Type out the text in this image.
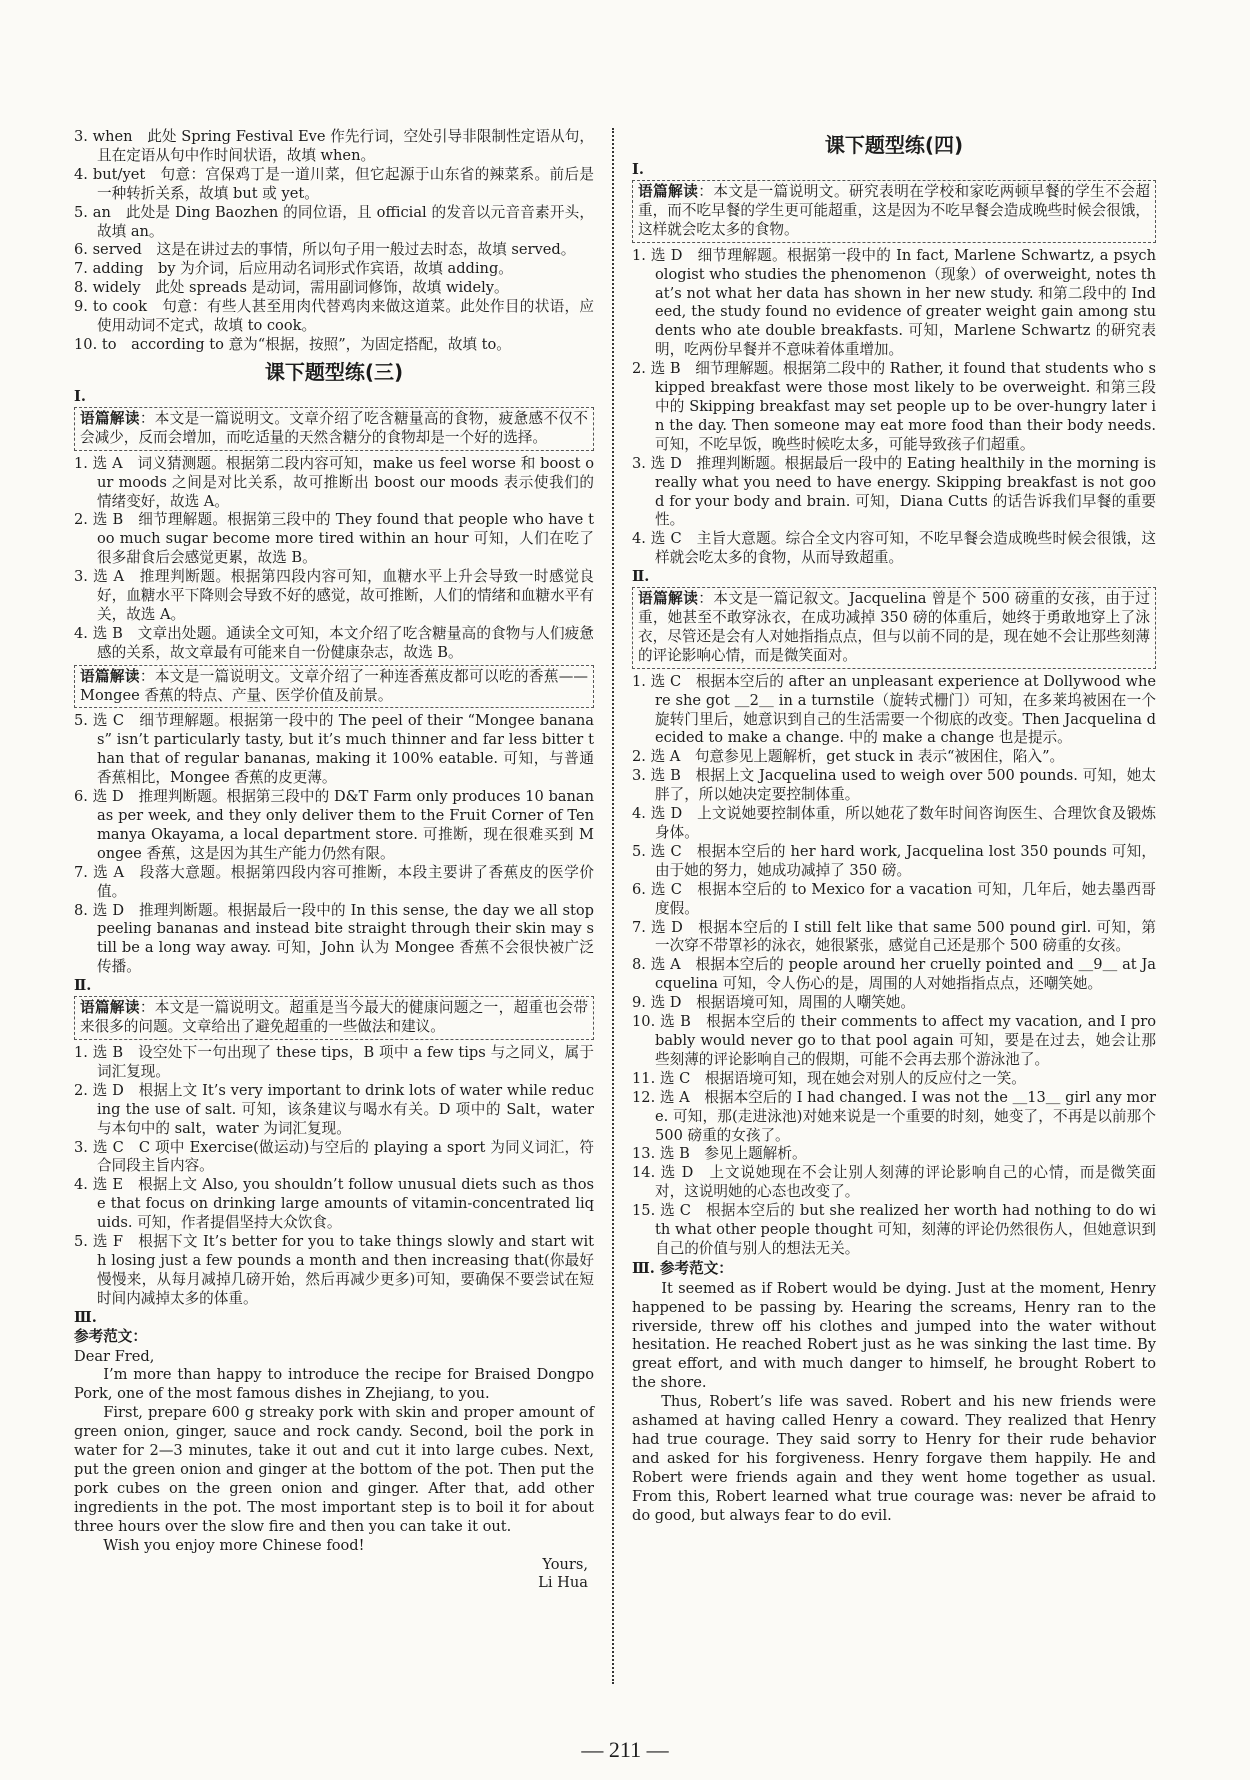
3. when　此处 Spring Festival Eve 作先行词，空处引导非限制性定语从句，且在定语从句中作时间状语，故填 when。

4. but/yet　句意：宫保鸡丁是一道川菜，但它起源于山东省的辣菜系。前后是一种转折关系，故填 but 或 yet。

5. an　此处是 Ding Baozhen 的同位语，且 official 的发音以元音音素开头，故填 an。

6. served　这是在讲过去的事情，所以句子用一般过去时态，故填 served。

7. adding　by 为介词，后应用动名词形式作宾语，故填 adding。

8. widely　此处 spreads 是动词，需用副词修饰，故填 widely。

9. to cook　句意：有些人甚至用肉代替鸡肉来做这道菜。此处作目的状语，应使用动词不定式，故填 to cook。

10. to　according to 意为“根据，按照”，为固定搭配，故填 to。

课下题型练(三)
Ⅰ.
语篇解读：本文是一篇说明文。文章介绍了吃含糖量高的食物，疲惫感不仅不会减少，反而会增加，而吃适量的天然含糖分的食物却是一个好的选择。

1. 选 A　词义猜测题。根据第二段内容可知，make us feel worse 和 boost our moods 之间是对比关系，故可推断出 boost our moods 表示使我们的情绪变好，故选 A。

2. 选 B　细节理解题。根据第三段中的 They found that people who have too much sugar become more tired within an hour 可知，人们在吃了很多甜食后会感觉更累，故选 B。

3. 选 A　推理判断题。根据第四段内容可知，血糖水平上升会导致一时感觉良好，血糖水平下降则会导致不好的感觉，故可推断，人们的情绪和血糖水平有关，故选 A。

4. 选 B　文章出处题。通读全文可知，本文介绍了吃含糖量高的食物与人们疲惫感的关系，故文章最有可能来自一份健康杂志，故选 B。

语篇解读：本文是一篇说明文。文章介绍了一种连香蕉皮都可以吃的香蕉——Mongee 香蕉的特点、产量、医学价值及前景。

5. 选 C　细节理解题。根据第一段中的 The peel of their “Mongee bananas” isn’t particularly tasty, but it’s much thinner and far less bitter than that of regular bananas, making it 100% eatable. 可知，与普通香蕉相比，Mongee 香蕉的皮更薄。

6. 选 D　推理判断题。根据第三段中的 D&T Farm only produces 10 bananas per week, and they only deliver them to the Fruit Corner of Tenmanya Okayama, a local department store. 可推断，现在很难买到 Mongee 香蕉，这是因为其生产能力仍然有限。

7. 选 A　段落大意题。根据第四段内容可推断，本段主要讲了香蕉皮的医学价值。

8. 选 D　推理判断题。根据最后一段中的 In this sense, the day we all stop peeling bananas and instead bite straight through their skin may still be a long way away. 可知，John 认为 Mongee 香蕉不会很快被广泛传播。

Ⅱ.
语篇解读：本文是一篇说明文。超重是当今最大的健康问题之一，超重也会带来很多的问题。文章给出了避免超重的一些做法和建议。

1. 选 B　设空处下一句出现了 these tips，B 项中 a few tips 与之同义，属于词汇复现。

2. 选 D　根据上文 It’s very important to drink lots of water while reducing the use of salt. 可知，该条建议与喝水有关。D 项中的 Salt，water 与本句中的 salt，water 为词汇复现。

3. 选 C　C 项中 Exercise(做运动)与空后的 playing a sport 为同义词汇，符合同段主旨内容。

4. 选 E　根据上文 Also, you shouldn’t follow unusual diets such as those that focus on drinking large amounts of vitamin-concentrated liquids. 可知，作者提倡坚持大众饮食。

5. 选 F　根据下文 It’s better for you to take things slowly and start with losing just a few pounds a month and then increasing that(你最好慢慢来，从每月减掉几磅开始，然后再减少更多)可知，要确保不要尝试在短时间内减掉太多的体重。

Ⅲ.
参考范文：

Dear Fred,

I’m more than happy to introduce the recipe for Braised Dongpo Pork, one of the most famous dishes in Zhejiang, to you.

First, prepare 600 g streaky pork with skin and proper amount of green onion, ginger, sauce and rock candy. Second, boil the pork in water for 2—3 minutes, take it out and cut it into large cubes. Next, put the green onion and ginger at the bottom of the pot. Then put the pork cubes on the green onion and ginger. After that, add other ingredients in the pot. The most important step is to boil it for about three hours over the slow fire and then you can take it out.

Wish you enjoy more Chinese food!

Yours,

Li Hua

课下题型练(四)
Ⅰ.
语篇解读：本文是一篇说明文。研究表明在学校和家吃两顿早餐的学生不会超重，而不吃早餐的学生更可能超重，这是因为不吃早餐会造成晚些时候会很饿，这样就会吃太多的食物。

1. 选 D　细节理解题。根据第一段中的 In fact, Marlene Schwartz, a psychologist who studies the phenomenon（现象）of overweight, notes that’s not what her data has shown in her new study. 和第二段中的 Indeed, the study found no evidence of greater weight gain among students who ate double breakfasts. 可知，Marlene Schwartz 的研究表明，吃两份早餐并不意味着体重增加。

2. 选 B　细节理解题。根据第二段中的 Rather, it found that students who skipped breakfast were those most likely to be overweight. 和第三段中的 Skipping breakfast may set people up to be over-hungry later in the day. Then someone may eat more food than their body needs. 可知，不吃早饭，晚些时候吃太多，可能导致孩子们超重。

3. 选 D　推理判断题。根据最后一段中的 Eating healthily in the morning is really what you need to have energy. Skipping breakfast is not good for your body and brain. 可知，Diana Cutts 的话告诉我们早餐的重要性。

4. 选 C　主旨大意题。综合全文内容可知，不吃早餐会造成晚些时候会很饿，这样就会吃太多的食物，从而导致超重。

Ⅱ.
语篇解读：本文是一篇记叙文。Jacquelina 曾是个 500 磅重的女孩，由于过重，她甚至不敢穿泳衣，在成功减掉 350 磅的体重后，她终于勇敢地穿上了泳衣，尽管还是会有人对她指指点点，但与以前不同的是，现在她不会让那些刻薄的评论影响心情，而是微笑面对。

1. 选 C　根据本空后的 after an unpleasant experience at Dollywood where she got ＿2＿ in a turnstile（旋转式栅门）可知，在多莱坞被困在一个旋转门里后，她意识到自己的生活需要一个彻底的改变。Then Jacquelina decided to make a change. 中的 make a change 也是提示。

2. 选 A　句意参见上题解析，get stuck in 表示“被困住，陷入”。

3. 选 B　根据上文 Jacquelina used to weigh over 500 pounds. 可知，她太胖了，所以她决定要控制体重。

4. 选 D　上文说她要控制体重，所以她花了数年时间咨询医生、合理饮食及锻炼身体。

5. 选 C　根据本空后的 her hard work, Jacquelina lost 350 pounds 可知，由于她的努力，她成功减掉了 350 磅。

6. 选 C　根据本空后的 to Mexico for a vacation 可知，几年后，她去墨西哥度假。

7. 选 D　根据本空后的 I still felt like that same 500 pound girl. 可知，第一次穿不带罩衫的泳衣，她很紧张，感觉自己还是那个 500 磅重的女孩。

8. 选 A　根据本空后的 people around her cruelly pointed and ＿9＿ at Jacquelina 可知，令人伤心的是，周围的人对她指指点点，还嘲笑她。

9. 选 D　根据语境可知，周围的人嘲笑她。

10. 选 B　根据本空后的 their comments to affect my vacation, and I probably would never go to that pool again 可知，要是在过去，她会让那些刻薄的评论影响自己的假期，可能不会再去那个游泳池了。

11. 选 C　根据语境可知，现在她会对别人的反应付之一笑。

12. 选 A　根据本空后的 I had changed. I was not the ＿13＿ girl any more. 可知，那(走进泳池)对她来说是一个重要的时刻，她变了，不再是以前那个 500 磅重的女孩了。

13. 选 B　参见上题解析。

14. 选 D　上文说她现在不会让别人刻薄的评论影响自己的心情，而是微笑面对，这说明她的心态也改变了。

15. 选 C　根据本空后的 but she realized her worth had nothing to do with what other people thought 可知，刻薄的评论仍然很伤人，但她意识到自己的价值与别人的想法无关。

Ⅲ. 参考范文：

It seemed as if Robert would be dying. Just at the moment, Henry happened to be passing by. Hearing the screams, Henry ran to the riverside, threw off his clothes and jumped into the water without hesitation. He reached Robert just as he was sinking the last time. By great effort, and with much danger to himself, he brought Robert to the shore.

Thus, Robert’s life was saved. Robert and his new friends were ashamed at having called Henry a coward. They realized that Henry had true courage. They said sorry to Henry for their rude behavior and asked for his forgiveness. Henry forgave them happily. He and Robert were friends again and they went home together as usual. From this, Robert learned what true courage was: never be afraid to do good, but always fear to do evil.

— 211 —
